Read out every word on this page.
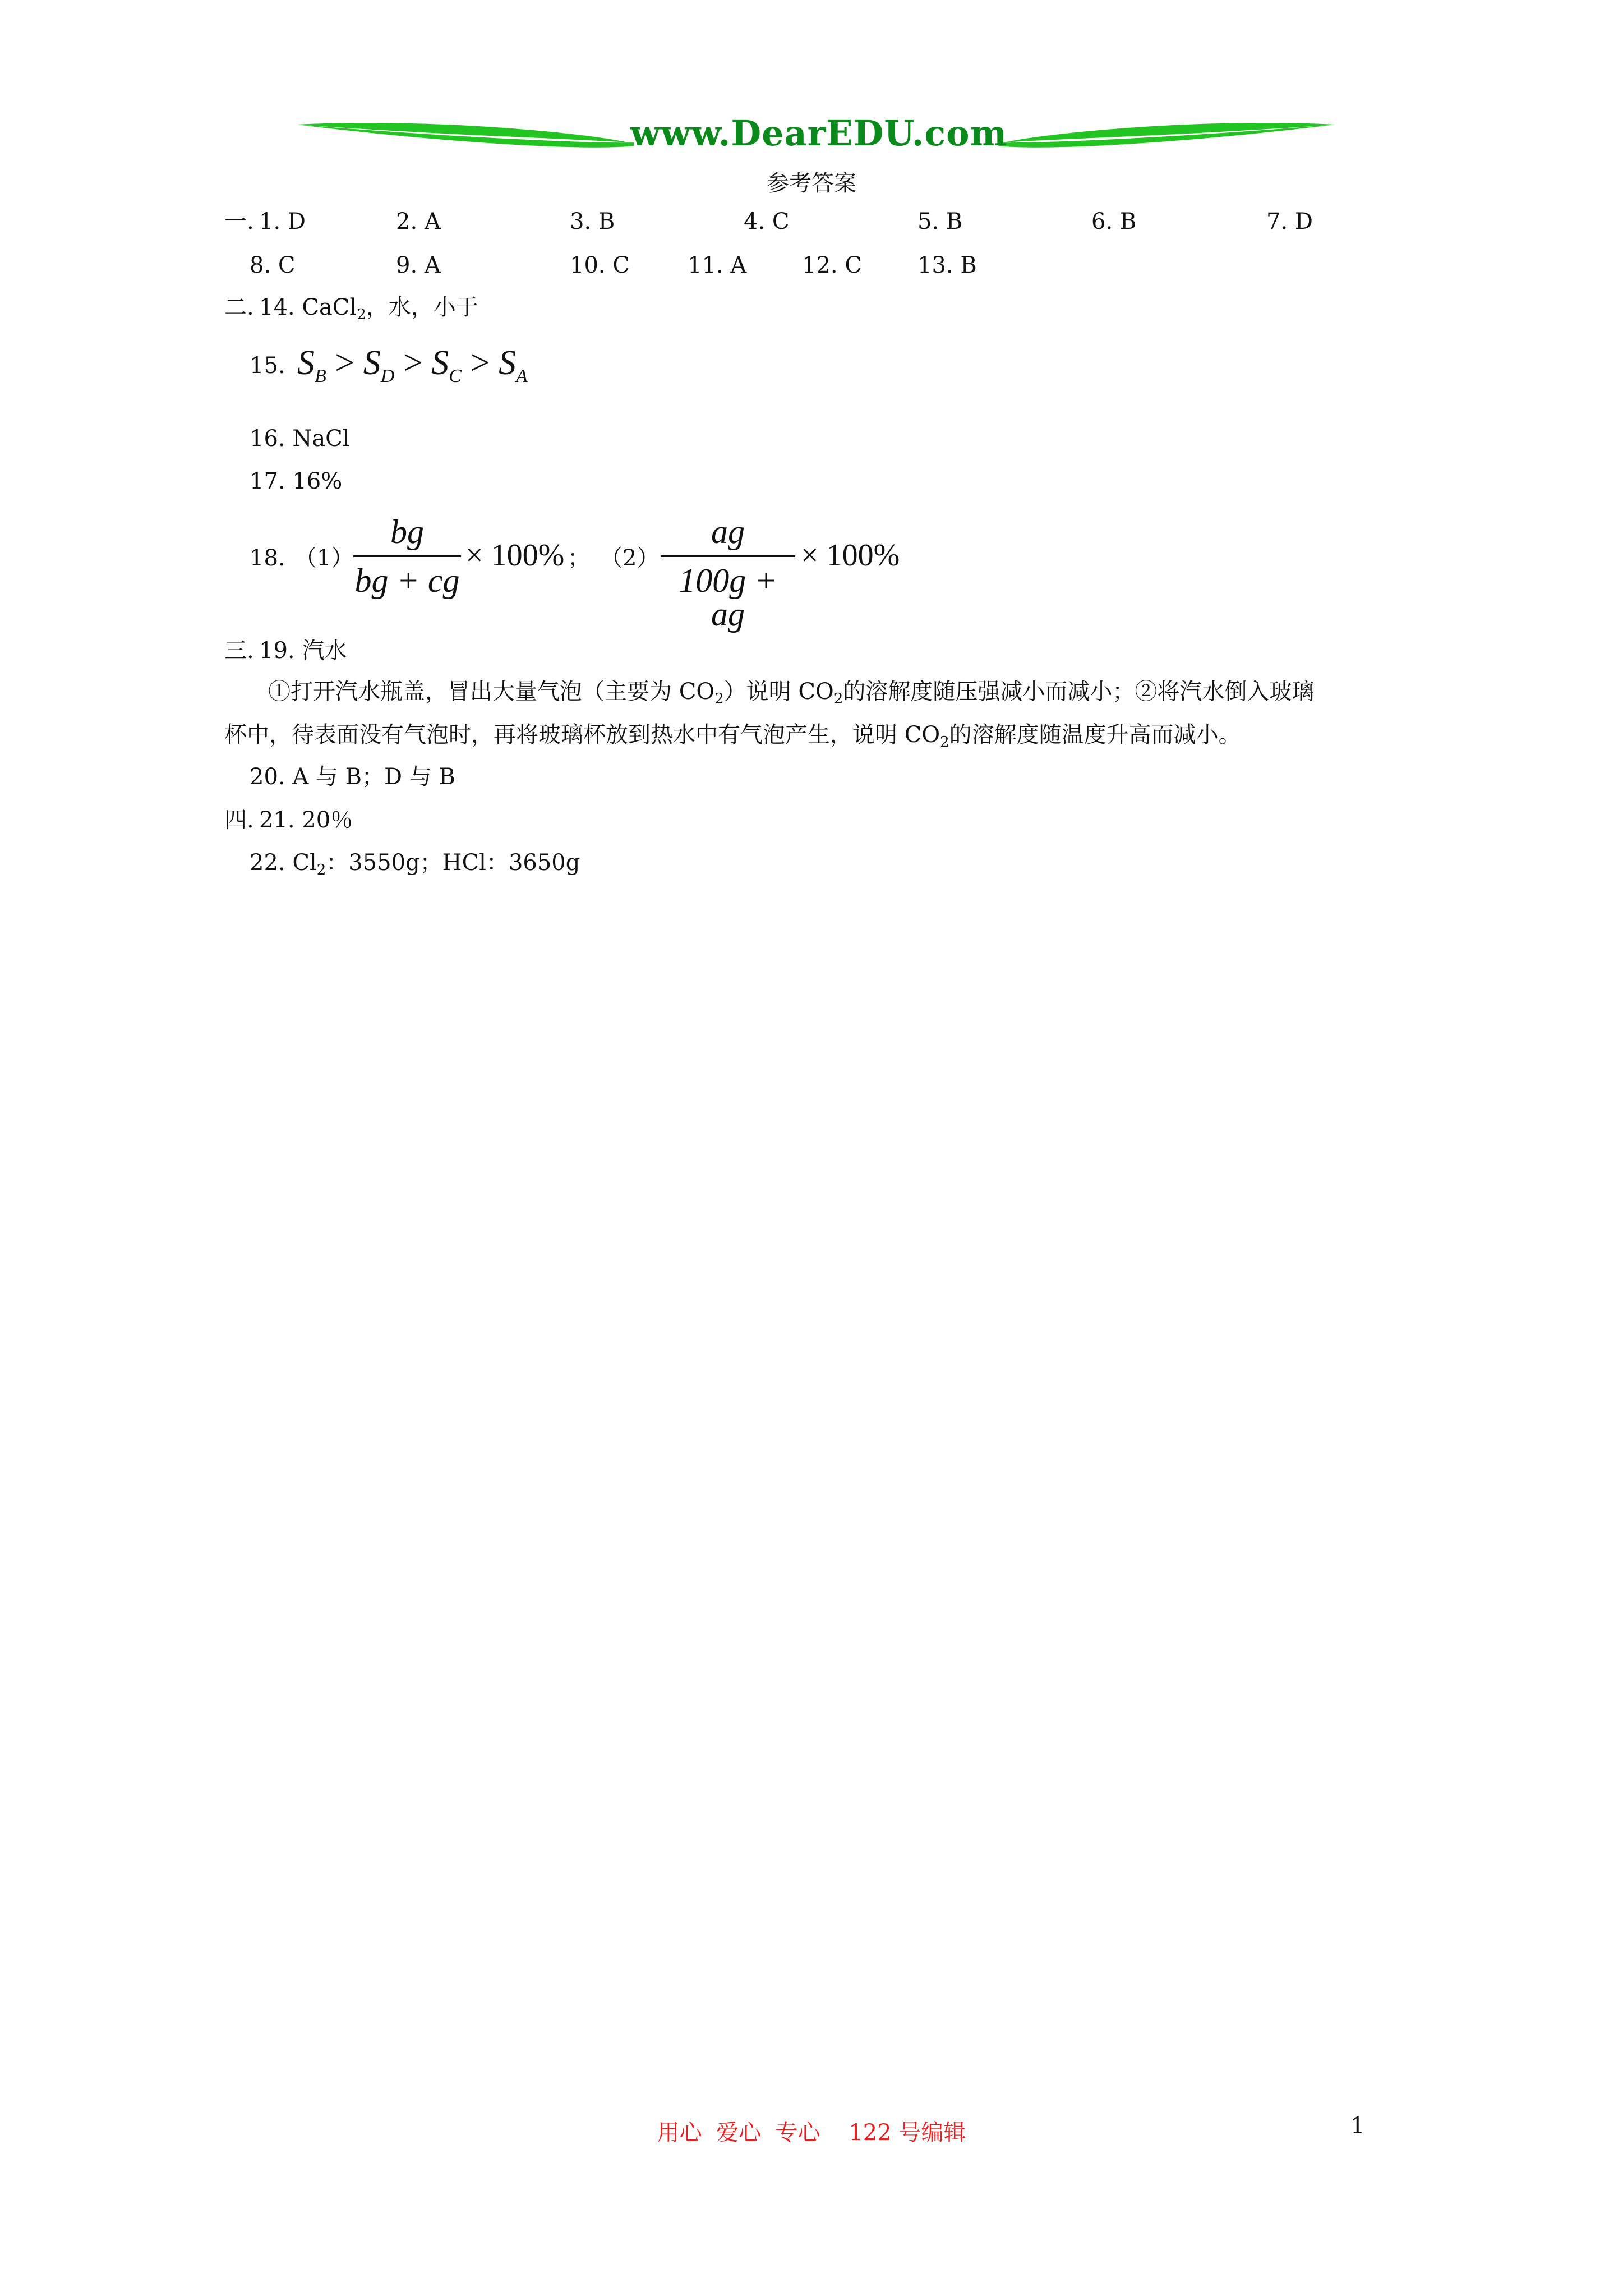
www.DearEDU.com
参考答案
一. 1. D	2. A	3. B	4. C	5. B	6. B	7. D
8. C	9. A	10. C	11. A 12. C 13. B
二. 14. CaCl$_2$，水，小于
15. $S_B > S_D > S_C > S_A$
16. NaCl
17. 16%
18. （1）
bg
bg + cg
× 100% ； （2）
ag
100g + ag
× 100%
三. 19. 汽水
①打开汽水瓶盖，冒出大量气泡（主要为 $CO_2$）说明 $CO_2$的溶解度随压强减小而减小；②将汽水倒入玻璃
杯中，待表面没有气泡时，再将玻璃杯放到热水中有气泡产生，说明 $CO_2$的溶解度随温度升高而减小。
20. A 与 B；D 与 B
四. 21. 20％
22. $Cl_2$：3550g；HCl：3650g
用心  爱心  专心    122 号编辑	1
